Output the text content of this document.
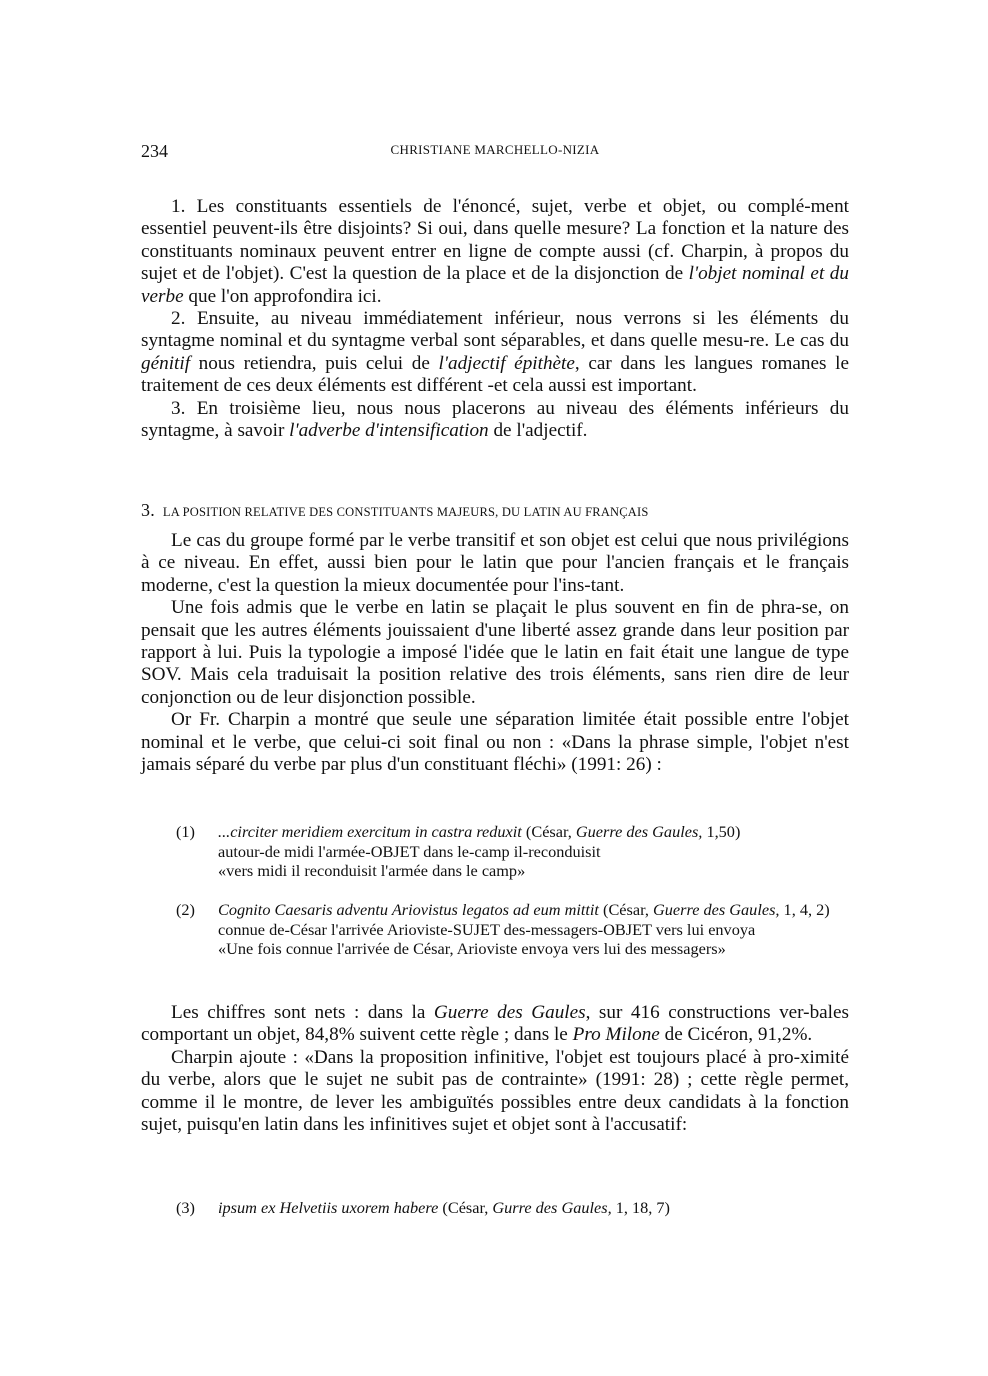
234	CHRISTIANE MARCHELLO-NIZIA

1. Les constituants essentiels de l'énoncé, sujet, verbe et objet, ou complé-ment essentiel peuvent-ils être disjoints? Si oui, dans quelle mesure? La fonction et la nature des constituants nominaux peuvent entrer en ligne de compte aussi (cf. Charpin, à propos du sujet et de l'objet). C'est la question de la place et de la disjonction de l'objet nominal et du verbe que l'on approfondira ici.

2. Ensuite, au niveau immédiatement inférieur, nous verrons si les éléments du syntagme nominal et du syntagme verbal sont séparables, et dans quelle mesu-re. Le cas du génitif nous retiendra, puis celui de l'adjectif épithète, car dans les langues romanes le traitement de ces deux éléments est différent -et cela aussi est important.

3. En troisième lieu, nous nous placerons au niveau des éléments inférieurs du syntagme, à savoir l'adverbe d'intensification de l'adjectif.

3. LA POSITION RELATIVE DES CONSTITUANTS MAJEURS, DU LATIN AU FRANÇAIS

Le cas du groupe formé par le verbe transitif et son objet est celui que nous privilégions à ce niveau. En effet, aussi bien pour le latin que pour l'ancien français et le français moderne, c'est la question la mieux documentée pour l'ins-tant.

Une fois admis que le verbe en latin se plaçait le plus souvent en fin de phra-se, on pensait que les autres éléments jouissaient d'une liberté assez grande dans leur position par rapport à lui. Puis la typologie a imposé l'idée que le latin en fait était une langue de type SOV. Mais cela traduisait la position relative des trois éléments, sans rien dire de leur conjonction ou de leur disjonction possible.

Or Fr. Charpin a montré que seule une séparation limitée était possible entre l'objet nominal et le verbe, que celui-ci soit final ou non : «Dans la phrase simple, l'objet n'est jamais séparé du verbe par plus d'un constituant fléchi» (1991: 26) :

(1) ...circiter meridiem exercitum in castra reduxit (César, Guerre des Gaules, 1,50)
autour-de midi l'armée-OBJET dans le-camp il-reconduisit
«vers midi il reconduisit l'armée dans le camp»
(2) Cognito Caesaris adventu Ariovistus legatos ad eum mittit (César, Guerre des Gaules, 1, 4, 2)
connue de-César l'arrivée Arioviste-SUJET des-messagers-OBJET vers lui envoya
«Une fois connue l'arrivée de César, Arioviste envoya vers lui des messagers»

Les chiffres sont nets : dans la Guerre des Gaules, sur 416 constructions ver-bales comportant un objet, 84,8% suivent cette règle ; dans le Pro Milone de Cicéron, 91,2%.

Charpin ajoute : «Dans la proposition infinitive, l'objet est toujours placé à pro-ximité du verbe, alors que le sujet ne subit pas de contrainte» (1991: 28) ; cette règle permet, comme il le montre, de lever les ambiguïtés possibles entre deux candidats à la fonction sujet, puisqu'en latin dans les infinitives sujet et objet sont à l'accusatif:

(3) ipsum ex Helvetiis uxorem habere (César, Gurre des Gaules, 1, 18, 7)
